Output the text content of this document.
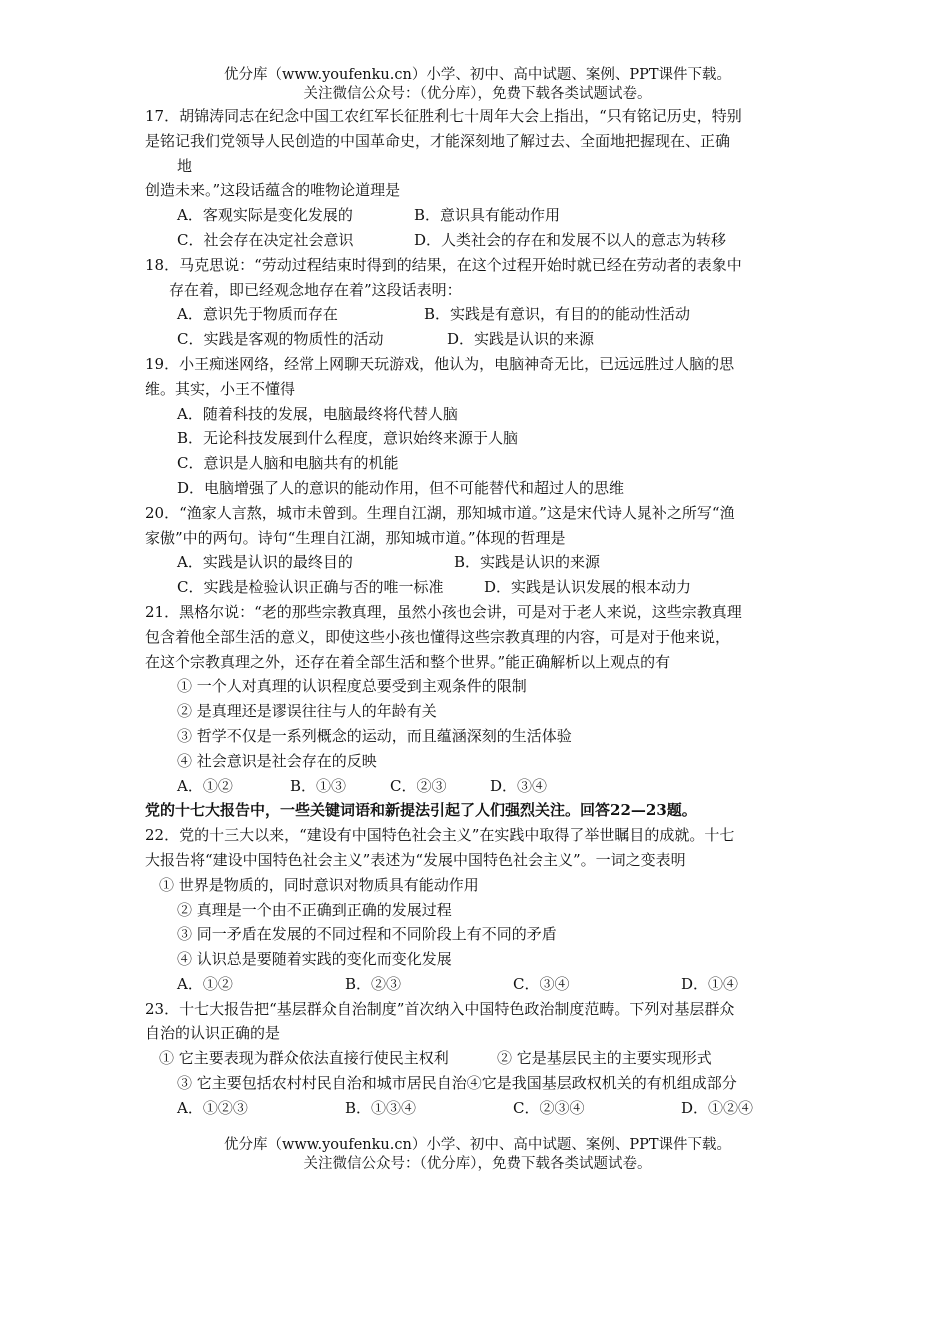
优分库（www.youfenku.cn）小学、初中、高中试题、案例、PPT课件下载。
关注微信公众号：（优分库），免费下载各类试题试卷。
17．胡锦涛同志在纪念中国工农红军长征胜利七十周年大会上指出，“只有铭记历史，特别
是铭记我们党领导人民创造的中国革命史，才能深刻地了解过去、全面地把握现在、正确
地
创造未来。”这段话蕴含的唯物论道理是
A．客观实际是变化发展的	B．意识具有能动作用
C．社会存在决定社会意识	D．人类社会的存在和发展不以人的意志为转移
18．马克思说：“劳动过程结束时得到的结果，在这个过程开始时就已经在劳动者的表象中
存在着，即已经观念地存在着”这段话表明：
A．意识先于物质而存在	B．实践是有意识，有目的的能动性活动
C．实践是客观的物质性的活动	D．实践是认识的来源
19．小王痴迷网络，经常上网聊天玩游戏，他认为，电脑神奇无比，已远远胜过人脑的思
维。其实，小王不懂得
A．随着科技的发展，电脑最终将代替人脑
B．无论科技发展到什么程度，意识始终来源于人脑
C．意识是人脑和电脑共有的机能
D．电脑增强了人的意识的能动作用，但不可能替代和超过人的思维
20．“渔家人言熬，城市未曾到。生理自江湖，那知城市道。”这是宋代诗人晁补之所写“渔
家傲”中的两句。诗句“生理自江湖，那知城市道。”体现的哲理是
A．实践是认识的最终目的	B．实践是认识的来源
C．实践是检验认识正确与否的唯一标准	D．实践是认识发展的根本动力
21．黑格尔说：“老的那些宗教真理，虽然小孩也会讲，可是对于老人来说，这些宗教真理
包含着他全部生活的意义，即使这些小孩也懂得这些宗教真理的内容，可是对于他来说，
在这个宗教真理之外，还存在着全部生活和整个世界。”能正确解析以上观点的有
① 一个人对真理的认识程度总要受到主观条件的限制
② 是真理还是谬误往往与人的年龄有关
③ 哲学不仅是一系列概念的运动，而且蕴涵深刻的生活体验
④ 社会意识是社会存在的反映
A．①②	B．①③	C．②③	D．③④
党的十七大报告中，一些关键词语和新提法引起了人们强烈关注。回答22—23题。
22．党的十三大以来，“建设有中国特色社会主义”在实践中取得了举世瞩目的成就。十七
大报告将“建设中国特色社会主义”表述为“发展中国特色社会主义”。一词之变表明
① 世界是物质的，同时意识对物质具有能动作用
② 真理是一个由不正确到正确的发展过程
③ 同一矛盾在发展的不同过程和不同阶段上有不同的矛盾
④ 认识总是要随着实践的变化而变化发展
A．①②	B．②③	C．③④	D．①④
23．十七大报告把“基层群众自治制度”首次纳入中国特色政治制度范畴。下列对基层群众
自治的认识正确的是
① 它主要表现为群众依法直接行使民主权利	② 它是基层民主的主要实现形式
③ 它主要包括农村村民自治和城市居民自治④它是我国基层政权机关的有机组成部分
A．①②③	B．①③④	C．②③④	D．①②④
优分库（www.youfenku.cn）小学、初中、高中试题、案例、PPT课件下载。
关注微信公众号：（优分库），免费下载各类试题试卷。
